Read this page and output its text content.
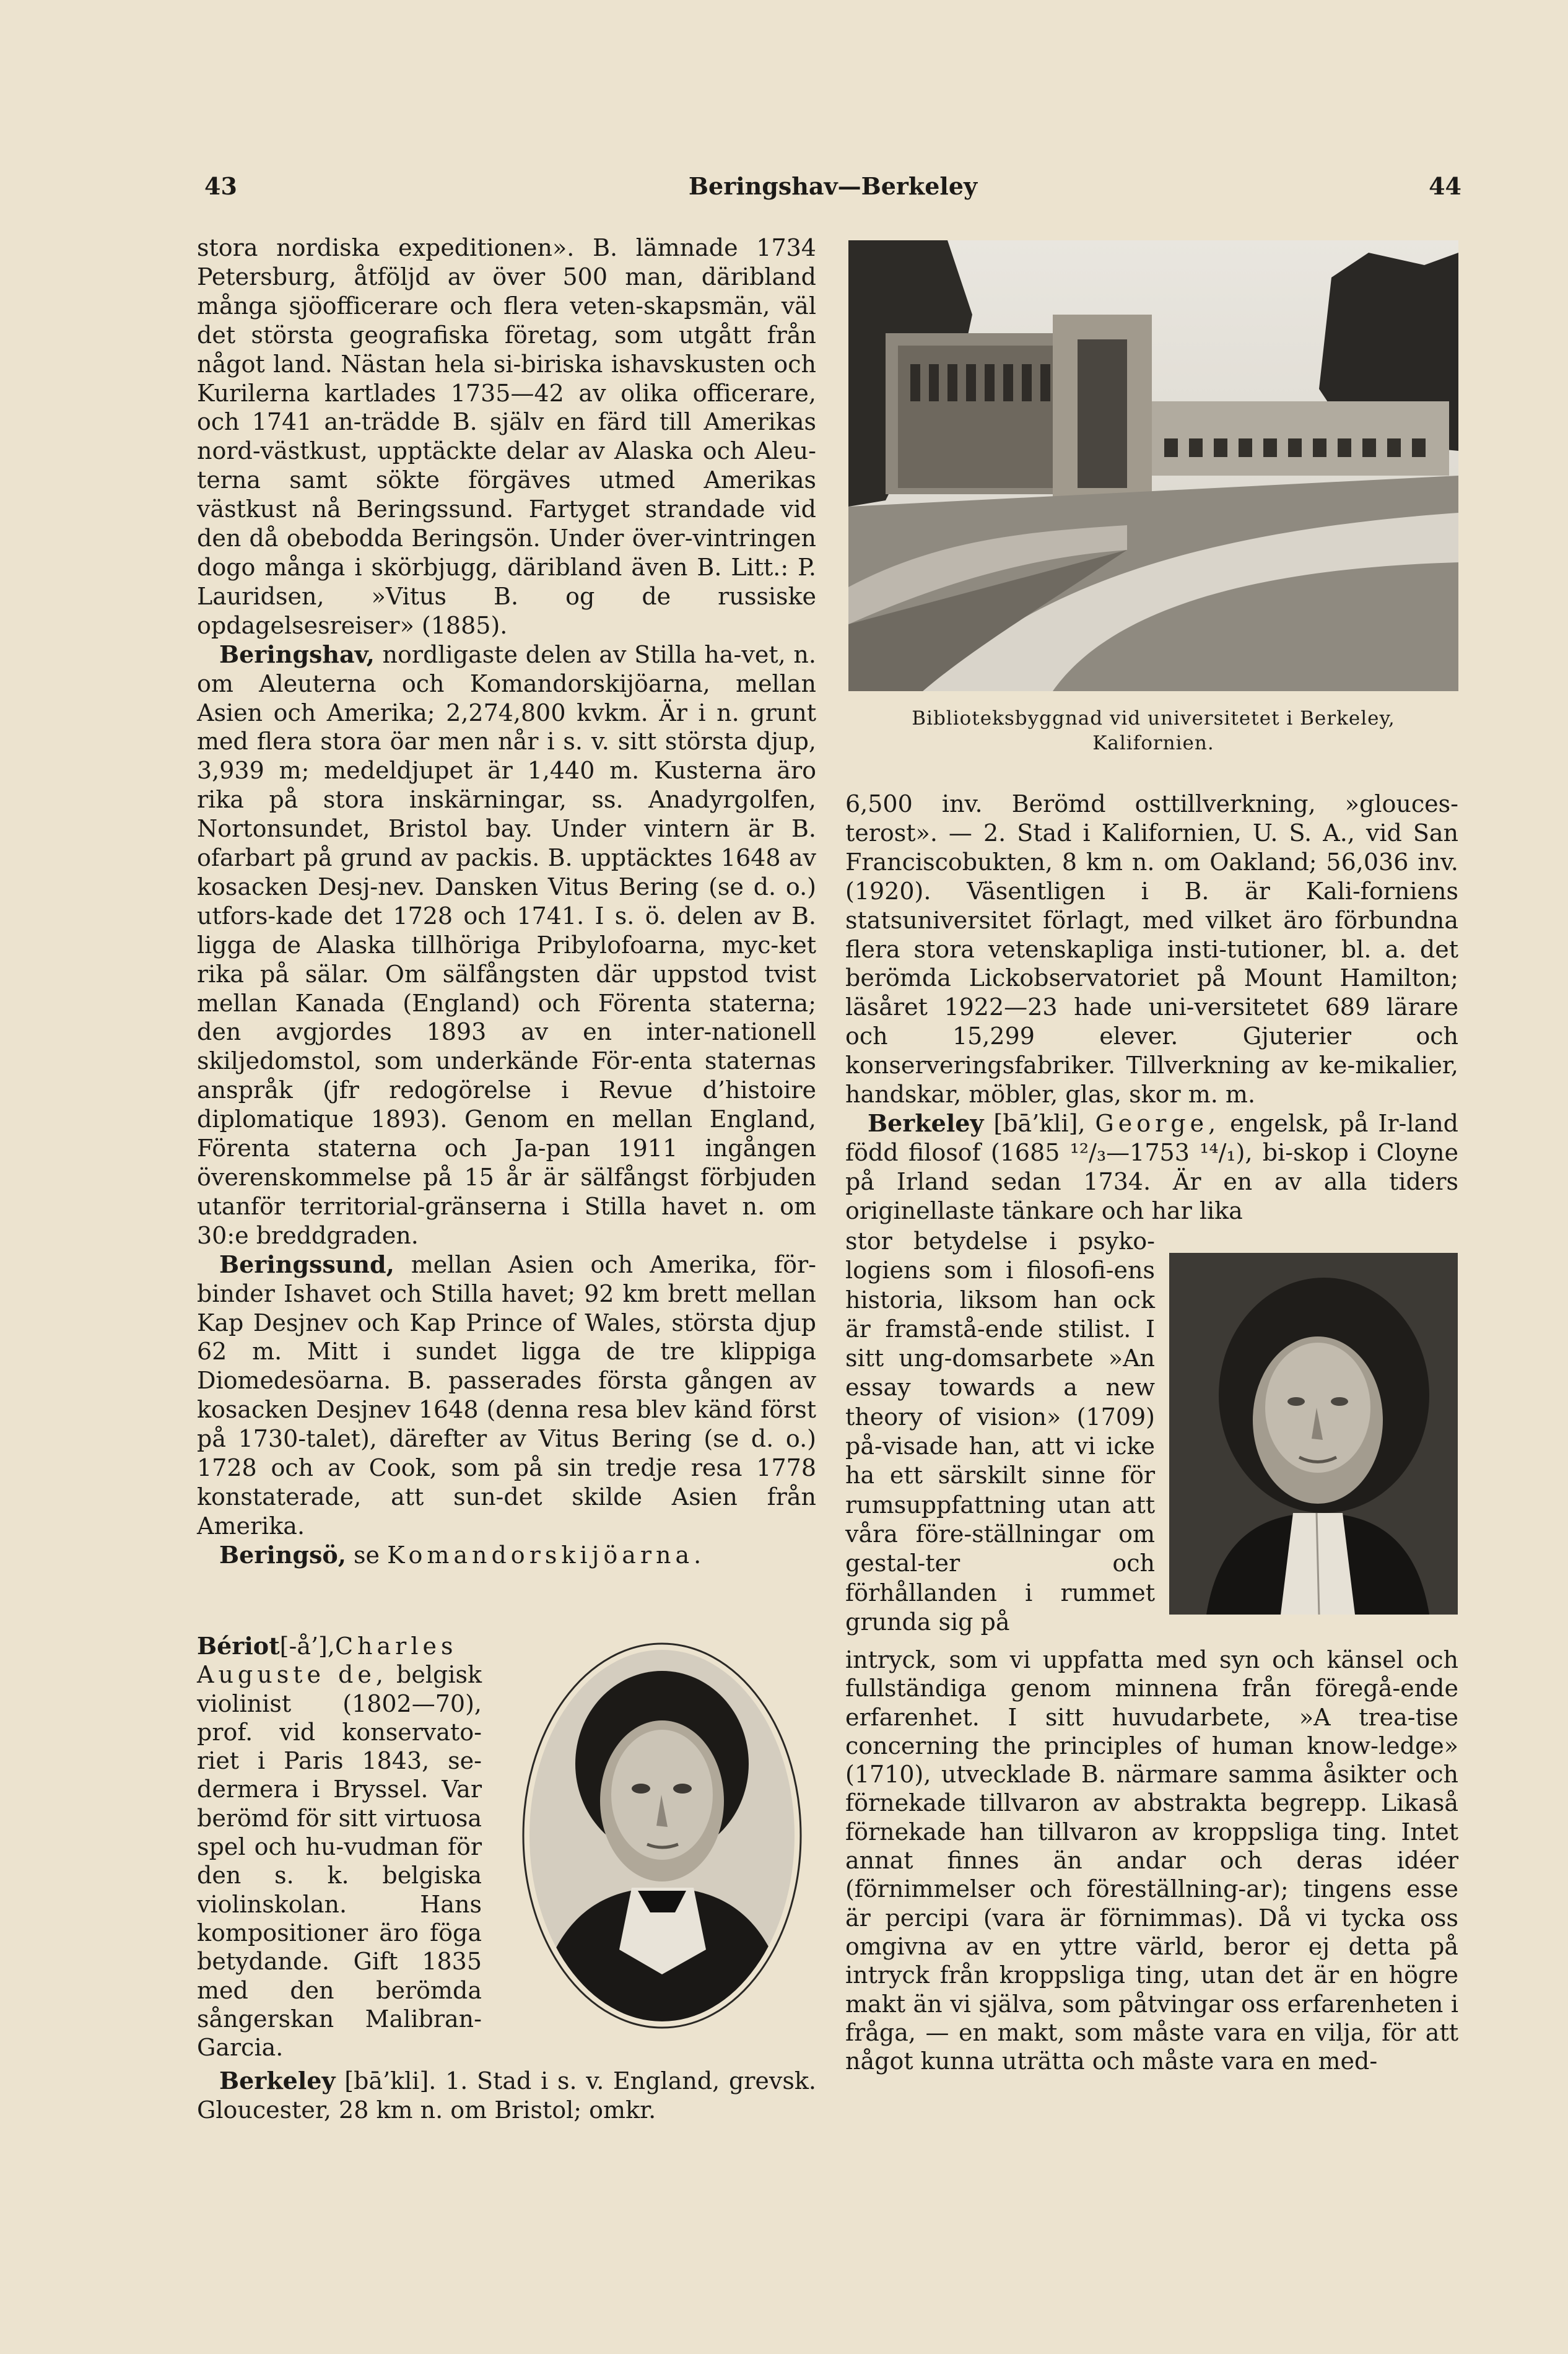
43	Beringshav—Berkeley	44

stora nordiska expeditionen». B. lämnade 1734 Petersburg, åtföljd av över 500 man, däribland många sjöofficerare och flera veten-skapsmän, väl det största geografiska företag, som utgått från något land. Nästan hela si-biriska ishavskusten och Kurilerna kartlades 1735—42 av olika officerare, och 1741 an-trädde B. själv en färd till Amerikas nord-västkust, upptäckte delar av Alaska och Aleu-terna samt sökte förgäves utmed Amerikas västkust nå Beringssund. Fartyget strandade vid den då obebodda Beringsön. Under över-vintringen dogo många i skörbjugg, däribland även B. Litt.: P. Lauridsen, »Vitus B. og de russiske opdagelsesreiser» (1885).

Beringshav, nordligaste delen av Stilla ha-vet, n. om Aleuterna och Komandorskijöarna, mellan Asien och Amerika; 2,274,800 kvkm. Är i n. grunt med flera stora öar men når i s. v. sitt största djup, 3,939 m; medeldjupet är 1,440 m. Kusterna äro rika på stora inskärningar, ss. Anadyrgolfen, Nortonsundet, Bristol bay. Under vintern är B. ofarbart på grund av packis. B. upptäcktes 1648 av kosacken Desj-nev. Dansken Vitus Bering (se d. o.) utfors-kade det 1728 och 1741. I s. ö. delen av B. ligga de Alaska tillhöriga Pribylofoarna, myc-ket rika på sälar. Om sälfångsten där uppstod tvist mellan Kanada (England) och Förenta staterna; den avgjordes 1893 av en inter-nationell skiljedomstol, som underkände För-enta staternas anspråk (jfr redogörelse i Revue d’histoire diplomatique 1893). Genom en mellan England, Förenta staterna och Ja-pan 1911 ingången överenskommelse på 15 år är sälfångst förbjuden utanför territorial-gränserna i Stilla havet n. om 30:e breddgraden.

Beringssund, mellan Asien och Amerika, för-binder Ishavet och Stilla havet; 92 km brett mellan Kap Desjnev och Kap Prince of Wales, största djup 62 m. Mitt i sundet ligga de tre klippiga Diomedesöarna. B. passerades första gången av kosacken Desjnev 1648 (denna resa blev känd först på 1730-talet), därefter av Vitus Bering (se d. o.) 1728 och av Cook, som på sin tredje resa 1778 konstaterade, att sun-det skilde Asien från Amerika.

Beringsö, se Komandorskijöarna.

Bériot[-å’],Charles Auguste de, belgisk violinist (1802—70), prof. vid konservato-riet i Paris 1843, se-dermera i Bryssel. Var berömd för sitt virtuosa spel och hu-vudman för den s. k. belgiska violinskolan. Hans kompositioner äro föga betydande. Gift 1835 med den berömda sångerskan Malibran-Garcia.

Berkeley [bā’kli]. 1. Stad i s. v. England, grevsk. Gloucester, 28 km n. om Bristol; omkr.

Biblioteksbyggnad vid universitetet i Berkeley, Kalifornien.

6,500 inv. Berömd osttillverkning, »glouces-terost». — 2. Stad i Kalifornien, U. S. A., vid San Franciscobukten, 8 km n. om Oakland; 56,036 inv. (1920). Väsentligen i B. är Kali-forniens statsuniversitet förlagt, med vilket äro förbundna flera stora vetenskapliga insti-tutioner, bl. a. det berömda Lickobservatoriet på Mount Hamilton; läsåret 1922—23 hade uni-versitetet 689 lärare och 15,299 elever. Gjuterier och konserveringsfabriker. Tillverkning av ke-mikalier, handskar, möbler, glas, skor m. m.

Berkeley [bā’kli], George, engelsk, på Ir-land född filosof (1685 ¹²/₃—1753 ¹⁴/₁), bi-skop i Cloyne på Irland sedan 1734. Är en av alla tiders originellaste tänkare och har lika

stor betydelse i psyko-logiens som i filosofi-ens historia, liksom han ock är framstå-ende stilist. I sitt ung-domsarbete »An essay towards a new theory of vision» (1709) på-visade han, att vi icke ha ett särskilt sinne för rumsuppfattning utan att våra före-ställningar om gestal-ter och förhållanden i rummet grunda sig på

intryck, som vi uppfatta med syn och känsel och fullständiga genom minnena från föregå-ende erfarenhet. I sitt huvudarbete, »A trea-tise concerning the principles of human know-ledge» (1710), utvecklade B. närmare samma åsikter och förnekade tillvaron av abstrakta begrepp. Likaså förnekade han tillvaron av kroppsliga ting. Intet annat finnes än andar och deras idéer (förnimmelser och föreställning-ar); tingens esse är percipi (vara är förnimmas). Då vi tycka oss omgivna av en yttre värld, beror ej detta på intryck från kroppsliga ting, utan det är en högre makt än vi själva, som påtvingar oss erfarenheten i fråga, — en makt, som måste vara en vilja, för att något kunna uträtta och måste vara en med-
